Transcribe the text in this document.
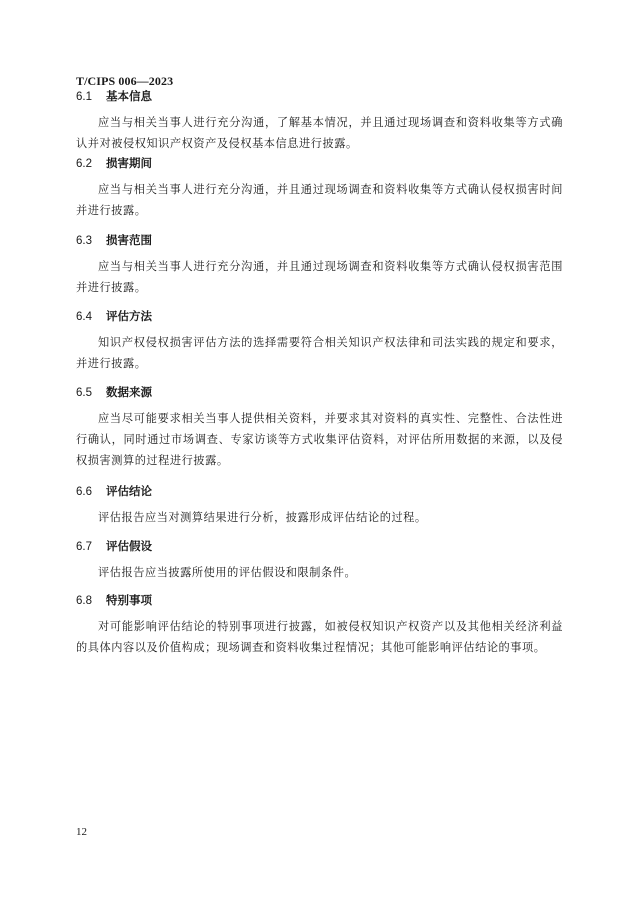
T/CIPS 006—2023
6.1 基本信息
应当与相关当事人进行充分沟通，了解基本情况，并且通过现场调查和资料收集等方式确认并对被侵权知识产权资产及侵权基本信息进行披露。
6.2 损害期间
应当与相关当事人进行充分沟通，并且通过现场调查和资料收集等方式确认侵权损害时间并进行披露。
6.3 损害范围
应当与相关当事人进行充分沟通，并且通过现场调查和资料收集等方式确认侵权损害范围并进行披露。
6.4 评估方法
知识产权侵权损害评估方法的选择需要符合相关知识产权法律和司法实践的规定和要求，并进行披露。
6.5 数据来源
应当尽可能要求相关当事人提供相关资料，并要求其对资料的真实性、完整性、合法性进行确认，同时通过市场调查、专家访谈等方式收集评估资料，对评估所用数据的来源，以及侵权损害测算的过程进行披露。
6.6 评估结论
评估报告应当对测算结果进行分析，披露形成评估结论的过程。
6.7 评估假设
评估报告应当披露所使用的评估假设和限制条件。
6.8 特别事项
对可能影响评估结论的特别事项进行披露，如被侵权知识产权资产以及其他相关经济利益的具体内容以及价值构成；现场调查和资料收集过程情况；其他可能影响评估结论的事项。
12
